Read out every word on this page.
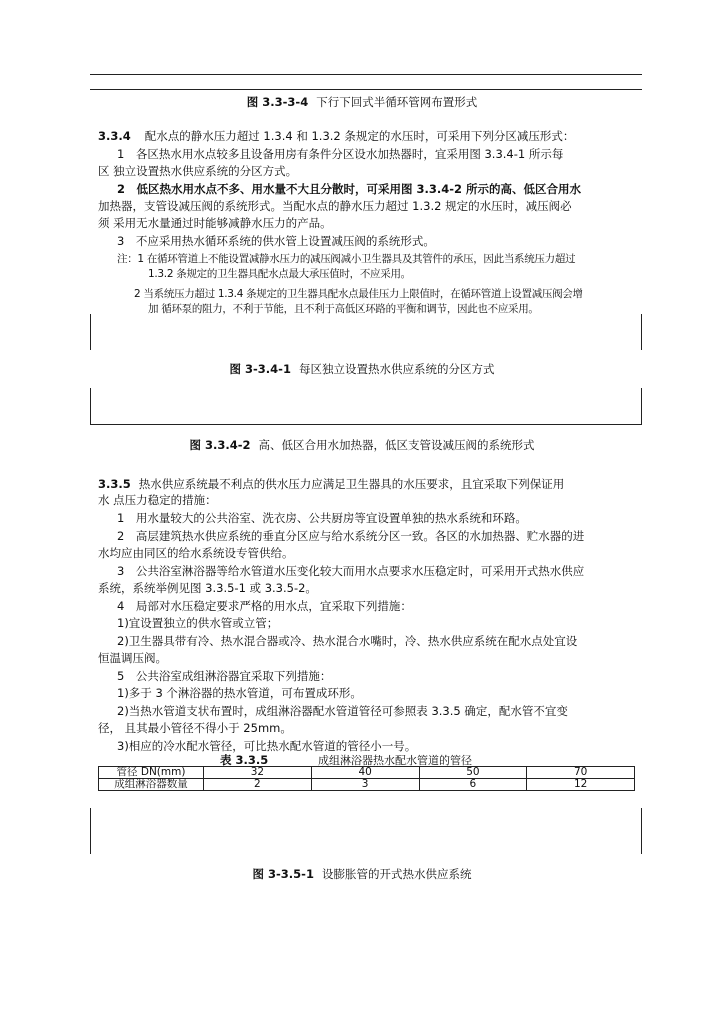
图 3.3-3-4 下行下回式半循环管网布置形式
3.3.4 配水点的静水压力超过 1.3.4 和 1.3.2 条规定的水压时，可采用下列分区减压形式：
1　各区热水用水点较多且设备用房有条件分区设水加热器时，宜采用图 3.3.4-1 所示每
区 独立设置热水供应系统的分区方式。
2　低区热水用水点不多、用水量不大且分散时，可采用图 3.3.4-2 所示的高、低区合用水
加热器，支管设减压阀的系统形式。当配水点的静水压力超过 1.3.2 规定的水压时，减压阀必
须 采用无水量通过时能够减静水压力的产品。
3　不应采用热水循环系统的供水管上设置减压阀的系统形式。
注：1 在循环管道上不能设置减静水压力的减压阀减小卫生器具及其管件的承压，因此当系统压力超过
1.3.2 条规定的卫生器具配水点最大承压值时，不应采用。
2 当系统压力超过 1.3.4 条规定的卫生器具配水点最佳压力上限值时，在循环管道上设置减压阀会增
加 循环泵的阻力，不利于节能，且不利于高低区环路的平衡和调节，因此也不应采用。
图 3-3.4-1 每区独立设置热水供应系统的分区方式
图 3.3.4-2 高、低区合用水加热器，低区支管设减压阀的系统形式
3.3.5 热水供应系统最不利点的供水压力应满足卫生器具的水压要求，且宜采取下列保证用
水 点压力稳定的措施：
1　用水量较大的公共浴室、洗衣房、公共厨房等宜设置单独的热水系统和环路。
2　高层建筑热水供应系统的垂直分区应与给水系统分区一致。各区的水加热器、贮水器的进
水均应由同区的给水系统设专管供给。
3　公共浴室淋浴器等给水管道水压变化较大而用水点要求水压稳定时，可采用开式热水供应
系统，系统举例见图 3.3.5-1 或 3.3.5-2。
4　局部对水压稳定要求严格的用水点，宜采取下列措施：
1)宜设置独立的供水管或立管；
2)卫生器具带有冷、热水混合器或冷、热水混合水嘴时，冷、热水供应系统在配水点处宜设
恒温调压阀。
5　公共浴室成组淋浴器宜采取下列措施：
1)多于 3 个淋浴器的热水管道，可布置成环形。
2)当热水管道支状布置时，成组淋浴器配水管道管径可参照表 3.3.5 确定，配水管不宜变
径， 且其最小管径不得小于 25mm。
3)相应的冷水配水管径，可比热水配水管道的管径小一号。
表 3.3.5	成组淋浴器热水配水管道的管径
管径 DN(mm)	32	40	50	70
成组淋浴器数量	2	3	6	12
图 3-3.5-1 设膨胀管的开式热水供应系统
